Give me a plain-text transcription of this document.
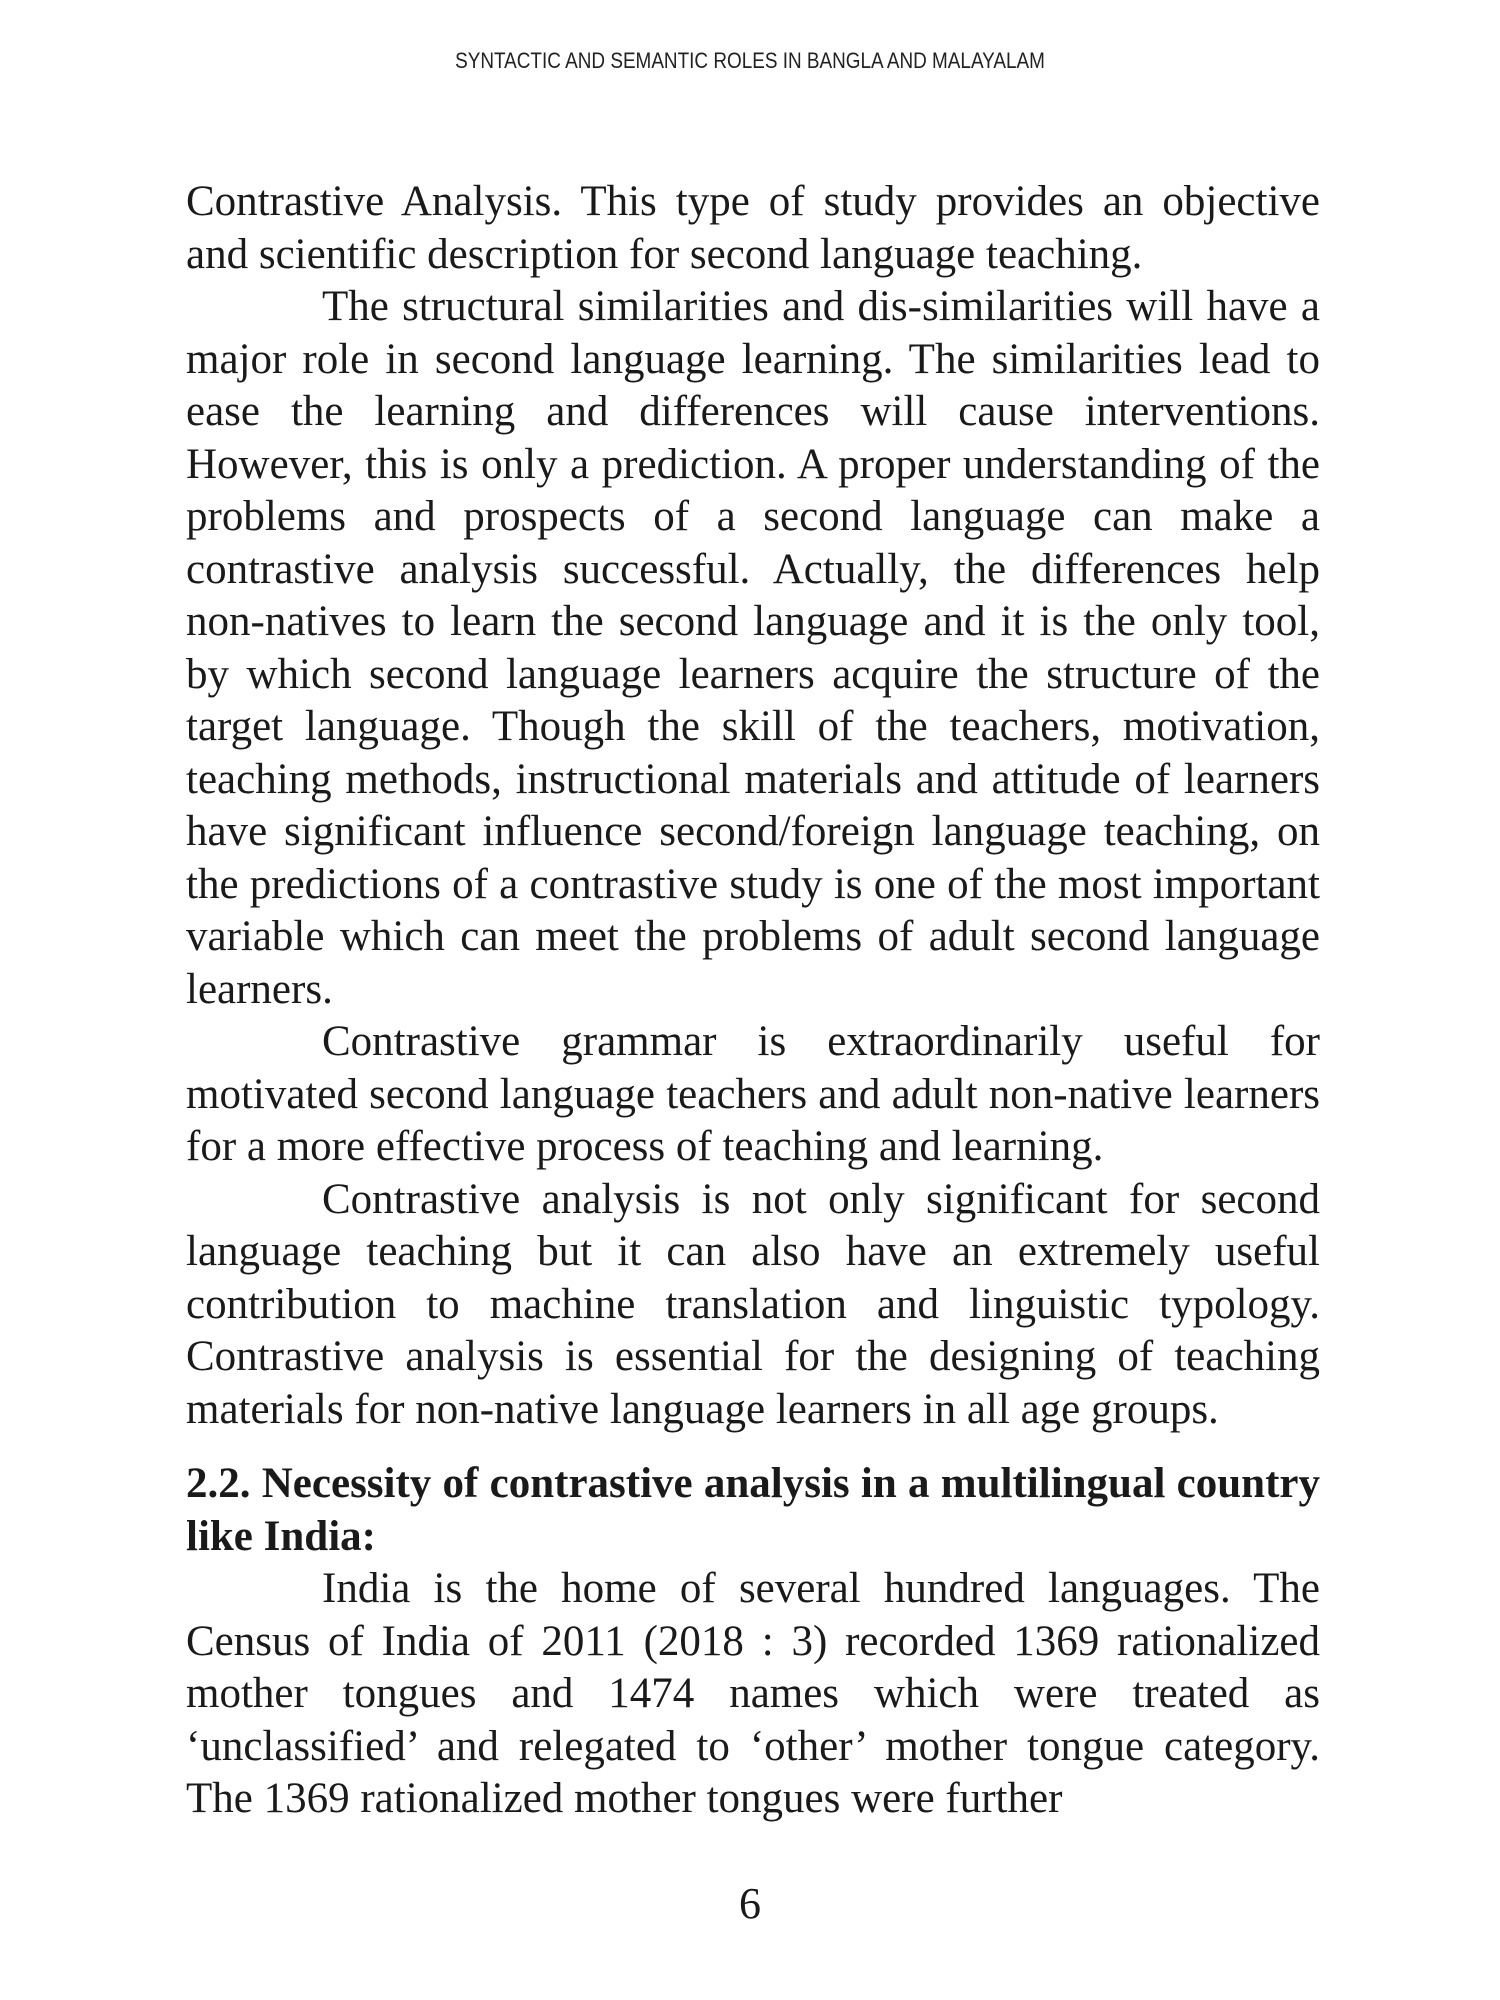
SYNTACTIC AND SEMANTIC ROLES IN BANGLA AND MALAYALAM

Contrastive Analysis. This type of study provides an objective and scientific description for second language teaching.

The structural similarities and dis-similarities will have a major role in second language learning. The similarities lead to ease the learning and differences will cause interventions. However, this is only a prediction. A proper understanding of the problems and prospects of a second language can make a contrastive analysis successful. Actually, the differences help non-natives to learn the second language and it is the only tool, by which second language learners acquire the structure of the target language. Though the skill of the teachers, motivation, teaching methods, instructional materials and attitude of learners have significant influence second/foreign language teaching, on the predictions of a contrastive study is one of the most important variable which can meet the problems of adult second language learners.

Contrastive grammar is extraordinarily useful for motivated second language teachers and adult non-native learners for a more effective process of teaching and learning.

Contrastive analysis is not only significant for second language teaching but it can also have an extremely useful contribution to machine translation and linguistic typology. Contrastive analysis is essential for the designing of teaching materials for non-native language learners in all age groups.

2.2. Necessity of contrastive analysis in a multilingual country like India:

India is the home of several hundred languages. The Census of India of 2011 (2018 : 3) recorded 1369 rationalized mother tongues and 1474 names which were treated as ‘unclassified’ and relegated to ‘other’ mother tongue category. The 1369 rationalized mother tongues were further

6
